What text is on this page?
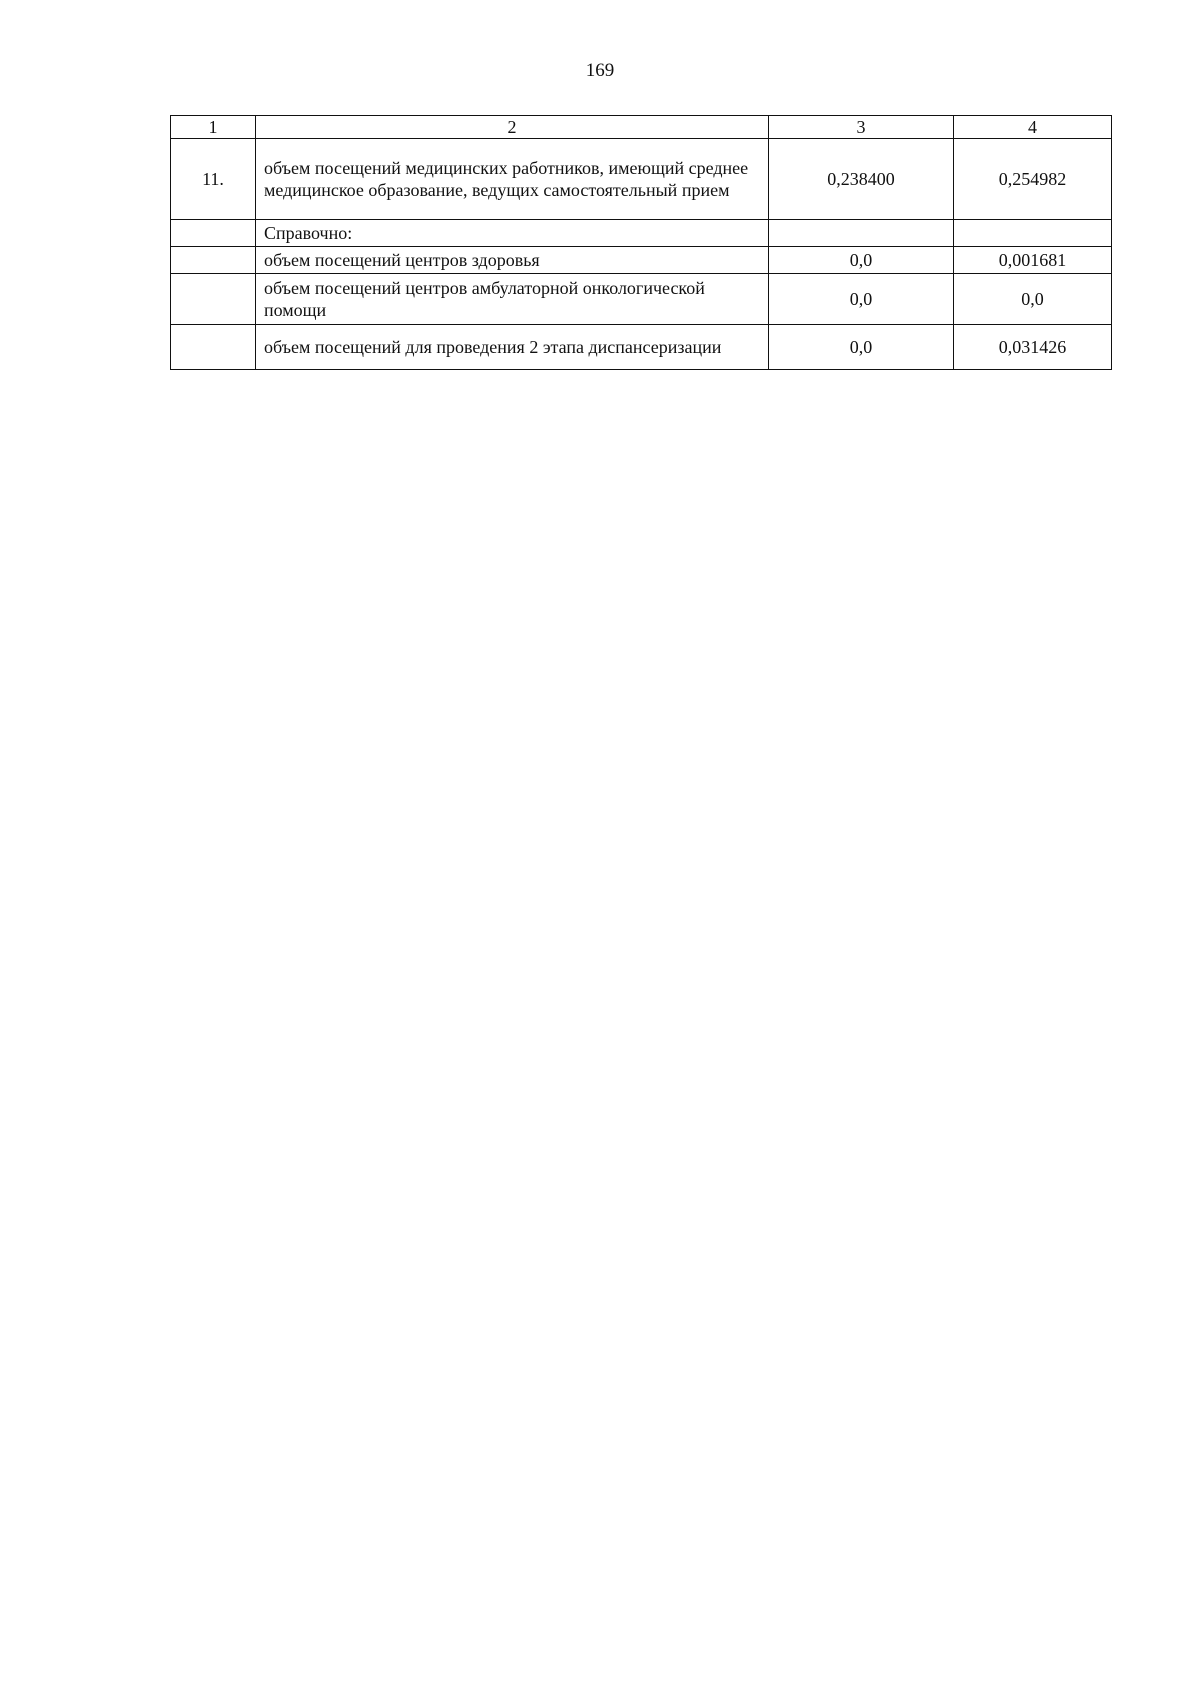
169
1	2	3	4
11.	объем посещений медицинских работников, имеющий среднее медицинское образование, ведущих самостоятельный прием	0,238400	0,254982
	Справочно:		
	объем посещений центров здоровья	0,0	0,001681
	объем посещений центров амбулаторной онкологической помощи	0,0	0,0
	объем посещений для проведения 2 этапа диспансеризации	0,0	0,031426
